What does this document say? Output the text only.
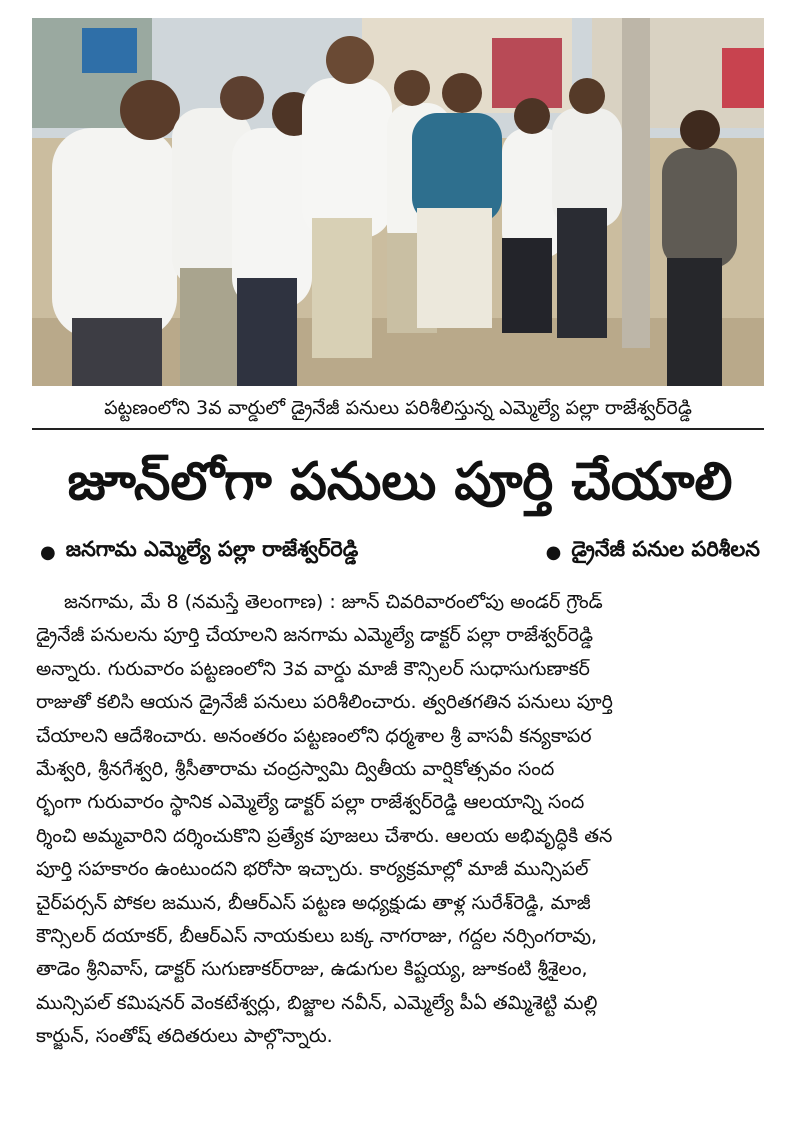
పట్టణంలోని 3వ వార్డులో డ్రైనేజీ పనులు పరిశీలిస్తున్న ఎమ్మెల్యే పల్లా రాజేశ్వర్‌రెడ్డి
జూన్‌లోగా పనులు పూర్తి చేయాలి
● జనగామ ఎమ్మెల్యే పల్లా రాజేశ్వర్‌రెడ్డి	● డ్రైనేజీ పనుల పరిశీలన
జనగామ, మే 8 (నమస్తే తెలంగాణ) : జూన్ చివరివారంలోపు అండర్ గ్రౌండ్
డ్రైనేజీ పనులను పూర్తి చేయాలని జనగామ ఎమ్మెల్యే డాక్టర్ పల్లా రాజేశ్వర్‌రెడ్డి
అన్నారు. గురువారం పట్టణంలోని 3వ వార్డు మాజీ కౌన్సిలర్ సుధాసుగుణాకర్
రాజుతో కలిసి ఆయన డ్రైనేజీ పనులు పరిశీలించారు. త్వరితగతిన పనులు పూర్తి
చేయాలని ఆదేశించారు. అనంతరం పట్టణంలోని ధర్మశాల శ్రీ వాసవీ కన్యకాపర
మేశ్వరి, శ్రీనగేశ్వరి, శ్రీసీతారామ చంద్రస్వామి ద్వితీయ వార్షికోత్సవం సంద
ర్భంగా గురువారం స్థానిక ఎమ్మెల్యే డాక్టర్ పల్లా రాజేశ్వర్‌రెడ్డి ఆలయాన్ని సంద
ర్శించి అమ్మవారిని దర్శించుకొని ప్రత్యేక పూజలు చేశారు. ఆలయ అభివృద్ధికి తన
పూర్తి సహకారం ఉంటుందని భరోసా ఇచ్చారు. కార్యక్రమాల్లో మాజీ మున్సిపల్
చైర్‌పర్సన్ పోకల జమున, బీఆర్‌ఎస్ పట్టణ అధ్యక్షుడు తాళ్ల సురేశ్‌రెడ్డి, మాజీ
కౌన్సిలర్ దయాకర్, బీఆర్‌ఎస్ నాయకులు బక్క నాగరాజు, గద్దల నర్సింగరావు,
తాడెం శ్రీనివాస్, డాక్టర్ సుగుణాకర్‌రాజు, ఉడుగుల కిష్టయ్య, జూకంటి శ్రీశైలం,
మున్సిపల్ కమిషనర్ వెంకటేశ్వర్లు, బిజ్జాల నవీన్, ఎమ్మెల్యే పీఏ తమ్మిశెట్టి మల్లి
కార్జున్, సంతోష్ తదితరులు పాల్గొన్నారు.
